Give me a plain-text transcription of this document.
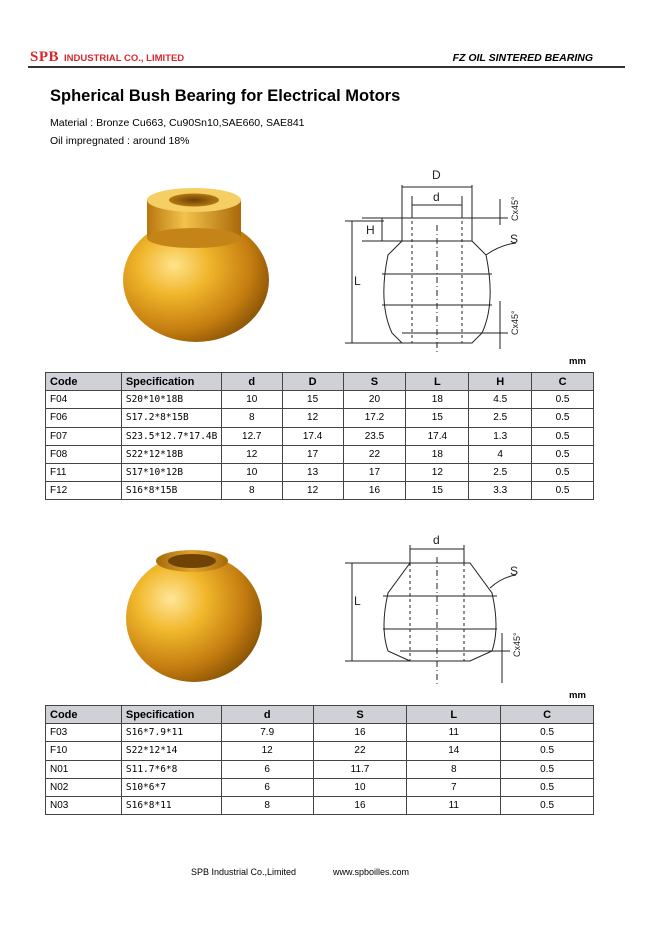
SPB INDUSTRIAL CO., LIMITED	FZ OIL SINTERED BEARING
Spherical Bush Bearing for Electrical Motors
Material : Bronze Cu663, Cu90Sn10,SAE660, SAE841
Oil impregnated : around 18%
D
d
H
L
S
Cx45°
Cx45°
mm
Code	Specification	d	D	S	L	H	C
F04	S20*10*18B	10	15	20	18	4.5	0.5
F06	S17.2*8*15B	8	12	17.2	15	2.5	0.5
F07	S23.5*12.7*17.4B	12.7	17.4	23.5	17.4	1.3	0.5
F08	S22*12*18B	12	17	22	18	4	0.5
F11	S17*10*12B	10	13	17	12	2.5	0.5
F12	S16*8*15B	8	12	16	15	3.3	0.5
d
L
S
Cx45°
mm
Code	Specification	d	S	L	C
F03	S16*7.9*11	7.9	16	11	0.5
F10	S22*12*14	12	22	14	0.5
N01	S11.7*6*8	6	11.7	8	0.5
N02	S10*6*7	6	10	7	0.5
N03	S16*8*11	8	16	11	0.5
SPB Industrial Co.,Limited	www.spboilles.com
